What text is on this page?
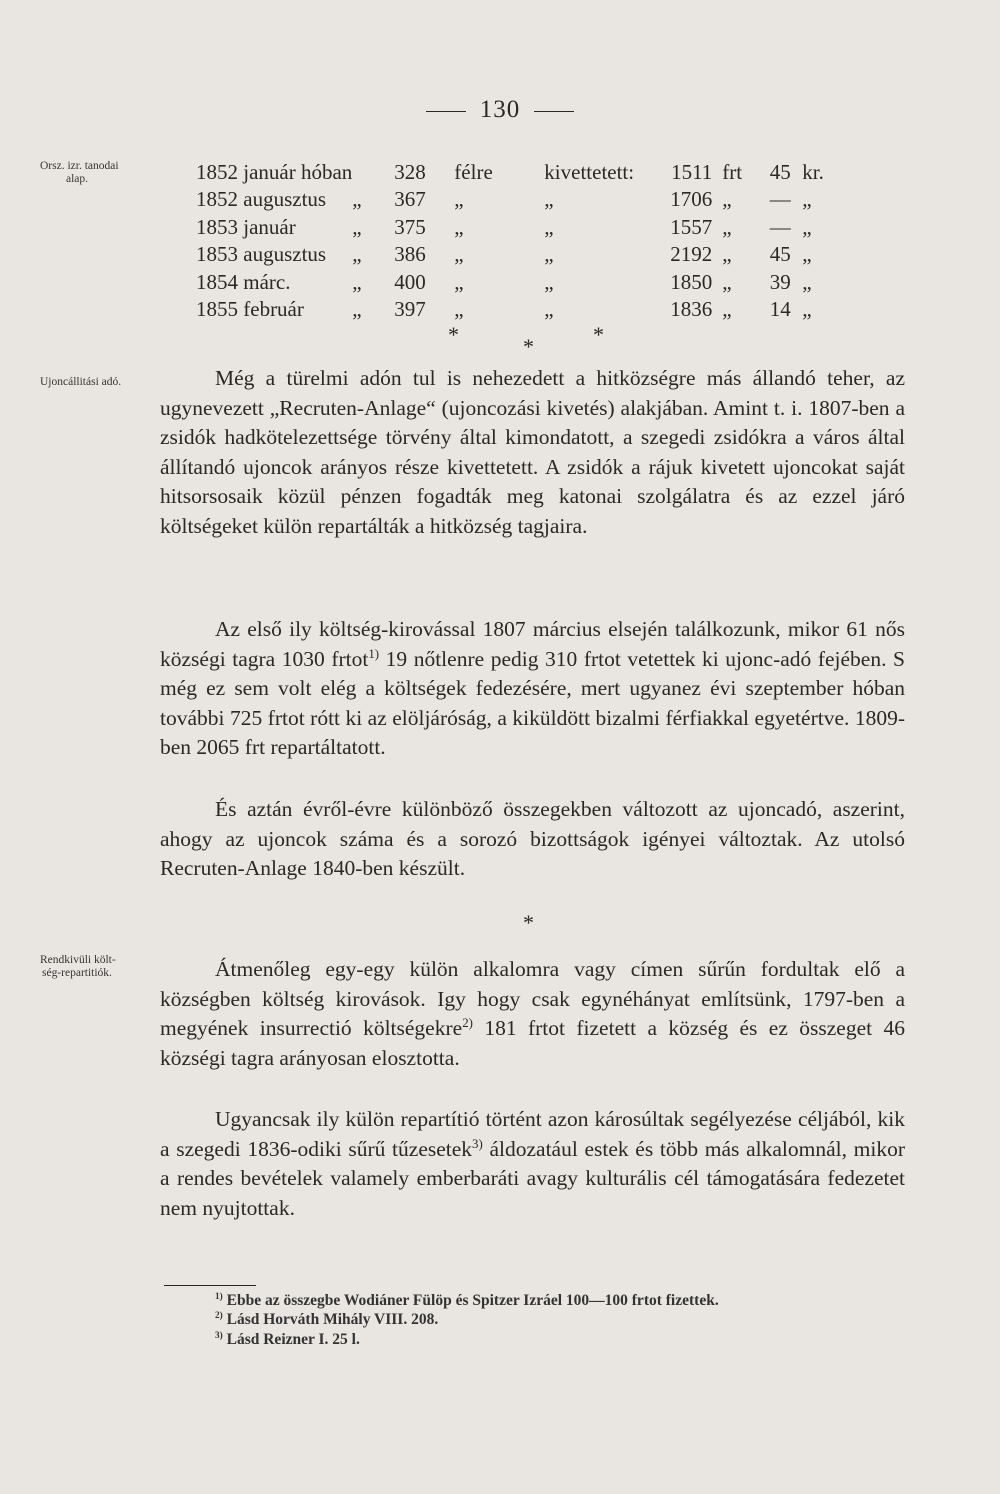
130
Orsz. izr. tanodai
alap.
Ujoncállitási adó.
Rendkivüli költ-
ség-repartitiók.
1852 január hóban		328	félre	kivettetett:	1511	frt	45	kr.
1852 augusztus	„	367	„	„	1706	„	—	„
1853 január	„	375	„	„	1557	„	—	„
1853 augusztus	„	386	„	„	2192	„	45	„
1854 márc.	„	400	„	„	1850	„	39	„
1855 február	„	397	„	„	1836	„	14	„
*	*	*
Még a türelmi adón tul is nehezedett a hitközségre más állandó teher, az ugynevezett „Recruten-Anlage“ (ujoncozási kivetés) alakjában. Amint t. i. 1807-ben a zsidók hadkötelezettsége törvény által kimondatott, a szegedi zsidókra a város által állítandó ujoncok arányos része kivettetett. A zsidók a rájuk kivetett ujoncokat saját hitsorsosaik közül pénzen fogadták meg katonai szolgálatra és az ezzel járó költségeket külön repartálták a hitközség tagjaira.
Az első ily költség-kirovással 1807 március elsején találkozunk, mikor 61 nős községi tagra 1030 frtot$^{1)}$ 19 nőtlenre pedig 310 frtot vetettek ki ujonc-adó fejében. S még ez sem volt elég a költségek fedezésére, mert ugyanez évi szeptember hóban további 725 frtot rótt ki az elöljáróság, a kiküldött bizalmi férfiakkal egyetértve. 1809-ben 2065 frt repartáltatott.
És aztán évről-évre különböző összegekben változott az ujoncadó, aszerint, ahogy az ujoncok száma és a sorozó bizottságok igényei változtak. Az utolsó Recruten-Anlage 1840-ben készült.
*
Átmenőleg egy-egy külön alkalomra vagy címen sűrűn fordultak elő a községben költség kirovások. Igy hogy csak egynéhányat említsünk, 1797-ben a megyének insurrectió költségekre$^{2)}$ 181 frtot fizetett a község és ez összeget 46 községi tagra arányosan elosztotta.
Ugyancsak ily külön repartítió történt azon károsúltak segélyezése céljából, kik a szegedi 1836-odiki sűrű tűzesetek$^{3)}$ áldozatául estek és több más alkalomnál, mikor a rendes bevételek valamely emberbaráti avagy kulturális cél támogatására fedezetet nem nyujtottak.
$^{1)}$ Ebbe az összegbe Wodiáner Fülöp és Spitzer Izráel 100—100 frtot fizettek.
$^{2)}$ Lásd Horváth Mihály VIII. 208.
$^{3)}$ Lásd Reizner I. 25 l.
